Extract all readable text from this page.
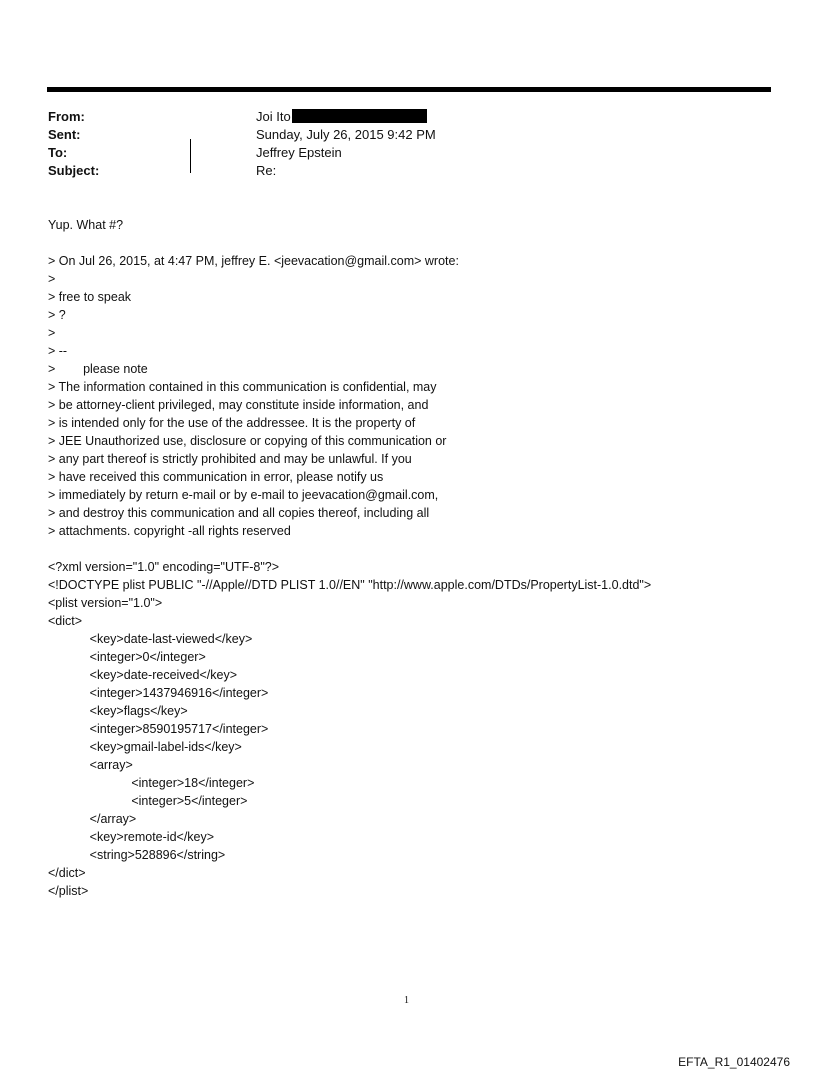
From:	Joi Ito
Sent:	Sunday, July 26, 2015 9:42 PM
To:	Jeffrey Epstein
Subject:	Re:
Yup. What #?
> On Jul 26, 2015, at 4:47 PM, jeffrey E. <jeevacation@gmail.com> wrote:
>
> free to speak
> ?
>
> --
>        please note
> The information contained in this communication is confidential, may
> be attorney-client privileged, may constitute inside information, and
> is intended only for the use of the addressee. It is the property of
> JEE Unauthorized use, disclosure or copying of this communication or
> any part thereof is strictly prohibited and may be unlawful. If you
> have received this communication in error, please notify us
> immediately by return e-mail or by e-mail to jeevacation@gmail.com,
> and destroy this communication and all copies thereof, including all
> attachments. copyright -all rights reserved
<?xml version="1.0" encoding="UTF-8"?>
<!DOCTYPE plist PUBLIC "-//Apple//DTD PLIST 1.0//EN" "http://www.apple.com/DTDs/PropertyList-1.0.dtd">
<plist version="1.0">
<dict>
<key>date-last-viewed</key>
<integer>0</integer>
<key>date-received</key>
<integer>1437946916</integer>
<key>flags</key>
<integer>8590195717</integer>
<key>gmail-label-ids</key>
<array>
<integer>18</integer>
<integer>5</integer>
</array>
<key>remote-id</key>
<string>528896</string>
</dict>
</plist>
1
EFTA_R1_01402476
